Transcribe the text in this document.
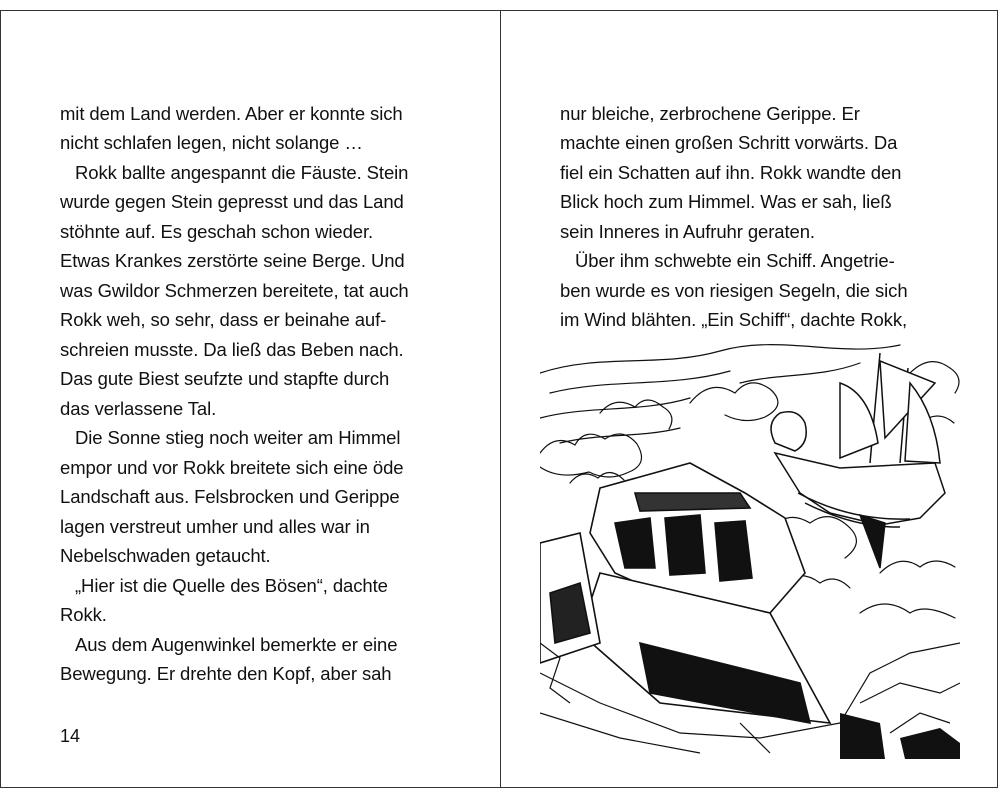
mit dem Land werden. Aber er konnte sich
nicht schlafen legen, nicht solange …
Rokk ballte angespannt die Fäuste. Stein
wurde gegen Stein gepresst und das Land
stöhnte auf. Es geschah schon wieder.
Etwas Krankes zerstörte seine Berge. Und
was Gwildor Schmerzen bereitete, tat auch
Rokk weh, so sehr, dass er beinahe auf-
schreien musste. Da ließ das Beben nach.
Das gute Biest seufzte und stapfte durch
das verlassene Tal.
Die Sonne stieg noch weiter am Himmel
empor und vor Rokk breitete sich eine öde
Landschaft aus. Felsbrocken und Gerippe
lagen verstreut umher und alles war in
Nebelschwaden getaucht.
„Hier ist die Quelle des Bösen“, dachte
Rokk.
Aus dem Augenwinkel bemerkte er eine
Bewegung. Er drehte den Kopf, aber sah
14
nur bleiche, zerbrochene Gerippe. Er
machte einen großen Schritt vorwärts. Da
fiel ein Schatten auf ihn. Rokk wandte den
Blick hoch zum Himmel. Was er sah, ließ
sein Inneres in Aufruhr geraten.
Über ihm schwebte ein Schiff. Angetrie-
ben wurde es von riesigen Segeln, die sich
im Wind blähten. „Ein Schiff“, dachte Rokk,
